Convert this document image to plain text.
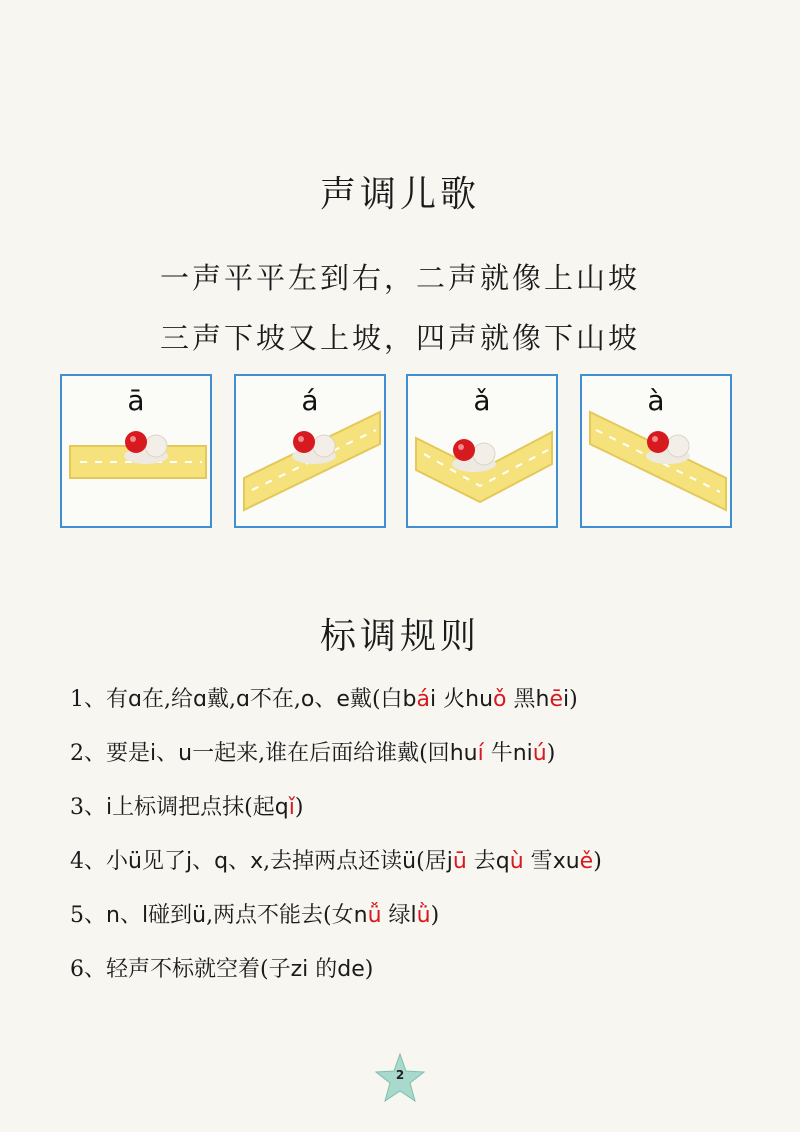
声调儿歌
一声平平左到右，二声就像上山坡
三声下坡又上坡，四声就像下山坡
ā	á	ǎ	à
标调规则
1、有ɑ在,给ɑ戴,ɑ不在,o、e戴(白bái 火huǒ 黑hēi)
2、要是i、u一起来,谁在后面给谁戴(回huí 牛niú)
3、i上标调把点抹(起qǐ)
4、小ü见了j、q、x,去掉两点还读ü(居jū 去qù 雪xuě)
5、n、l碰到ü,两点不能去(女nǚ 绿lǜ)
6、轻声不标就空着(子zi 的de)
2
